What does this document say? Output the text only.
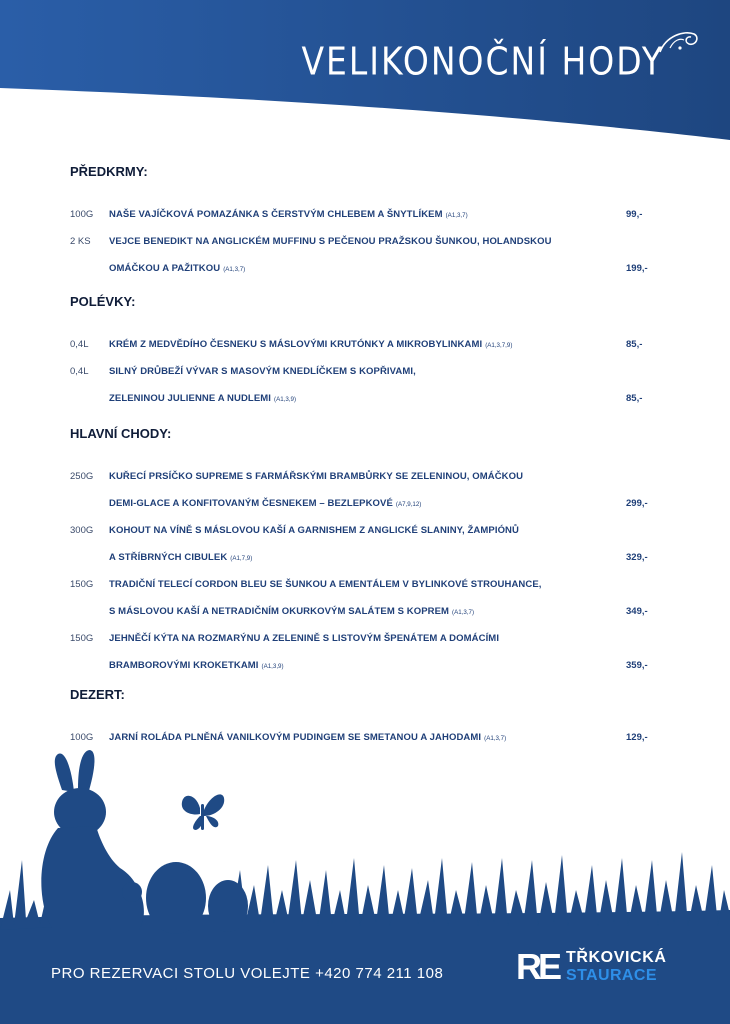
VELIKONOČNÍ HODY
PŘEDKRMY:
100G	NAŠE VAJÍČKOVÁ POMAZÁNKA S ČERSTVÝM CHLEBEM A ŠNYTLÍKEM (A1,3,7)	99,-
2 KS	VEJCE BENEDIKT NA ANGLICKÉM MUFFINU S PEČENOU PRAŽSKOU ŠUNKOU, HOLANDSKOU
OMÁČKOU A PAŽITKOU (A1,3,7)	199,-
POLÉVKY:
0,4L	KRÉM Z MEDVĚDÍHO ČESNEKU S MÁSLOVÝMI KRUTÓNKY A MIKROBYLINKAMI (A1,3,7,9)	85,-
0,4L	SILNÝ DRŮBEŽÍ VÝVAR S MASOVÝM KNEDLÍČKEM S KOPŘIVAMI,
ZELENINOU JULIENNE A NUDLEMI (A1,3,9)	85,-
HLAVNÍ CHODY:
250G	KUŘECÍ PRSÍČKO SUPREME S FARMÁŘSKÝMI BRAMBŮRKY SE ZELENINOU, OMÁČKOU
DEMI-GLACE A KONFITOVANÝM ČESNEKEM – BEZLEPKOVÉ (A7,9,12)	299,-
300G	KOHOUT NA VÍNĚ S MÁSLOVOU KAŠÍ A GARNISHEM Z ANGLICKÉ SLANINY, ŽAMPIÓNŮ
A STŘÍBRNÝCH CIBULEK (A1,7,9)	329,-
150G	TRADIČNÍ TELECÍ CORDON BLEU SE ŠUNKOU A EMENTÁLEM V BYLINKOVÉ STROUHANCE,
S MÁSLOVOU KAŠÍ A NETRADIČNÍM OKURKOVÝM SALÁTEM S KOPREM (A1,3,7)	349,-
150G	JEHNĚČÍ KÝTA NA ROZMARÝNU A ZELENINĚ S LISTOVÝM ŠPENÁTEM A DOMÁCÍMI
BRAMBOROVÝMI KROKETKAMI (A1,3,9)	359,-
DEZERT:
100G	JARNÍ ROLÁDA PLNĚNÁ VANILKOVÝM PUDINGEM SE SMETANOU A JAHODAMI (A1,3,7)	129,-
PRO REZERVACI STOLU VOLEJTE +420 774 211 108 RE TŘKOVICKÁ
STAURACE
